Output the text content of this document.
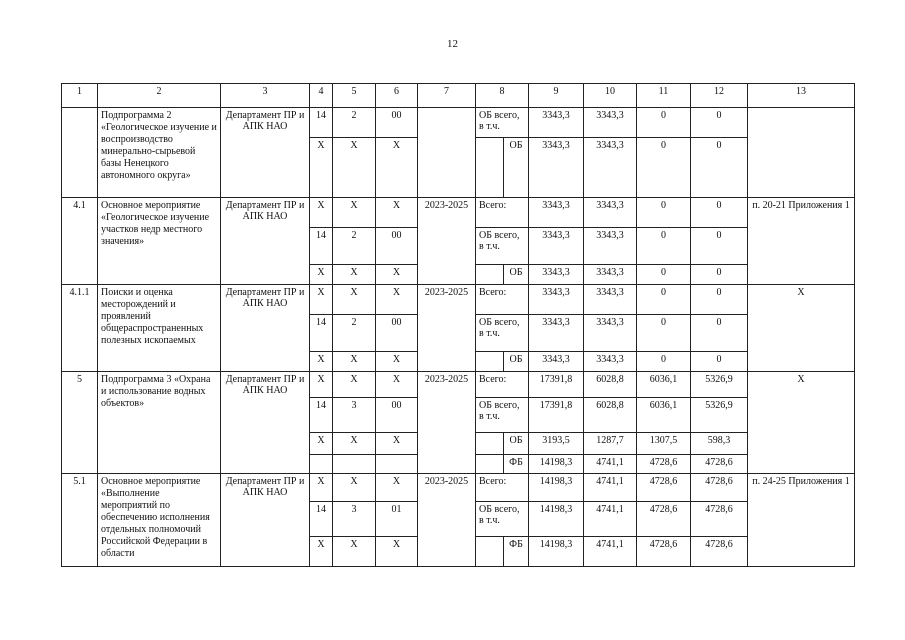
12
1	2	3	4	5	6	7	8		9	10	11	12	13
	Подпрограмма 2 «Геологическое изучение и воспроизводство минерально-сырьевой базы Ненецкого автономного округа»	Департамент ПР и АПК НАО	14	2	00		ОБ всего, в т.ч.		3343,3	3343,3	0	0	
			Х	Х	Х			ОБ	3343,3	3343,3	0	0	
4.1	Основное мероприятие «Геологическое изучение участков недр местного значения»	Департамент ПР и АПК НАО	Х	Х	Х	2023-2025	Всего:		3343,3	3343,3	0	0	п. 20-21 Приложения 1
			14	2	00		ОБ всего, в т.ч.		3343,3	3343,3	0	0	
			Х	Х	Х			ОБ	3343,3	3343,3	0	0	
4.1.1	Поиски и оценка месторождений и проявлений общераспространенных полезных ископаемых	Департамент ПР и АПК НАО	Х	Х	Х	2023-2025	Всего:		3343,3	3343,3	0	0	Х
			14	2	00		ОБ всего, в т.ч.		3343,3	3343,3	0	0	
			Х	Х	Х			ОБ	3343,3	3343,3	0	0	
5	Подпрограмма 3 «Охрана и использование водных объектов»	Департамент ПР и АПК НАО	Х	Х	Х	2023-2025	Всего:		17391,8	6028,8	6036,1	5326,9	Х
			14	3	00		ОБ всего, в т.ч.		17391,8	6028,8	6036,1	5326,9	
			Х	Х	Х			ОБ	3193,5	1287,7	1307,5	598,3	
								ФБ	14198,3	4741,1	4728,6	4728,6	
5.1	Основное мероприятие «Выполнение мероприятий по обеспечению исполнения отдельных полномочий Российской Федерации в области	Департамент ПР и АПК НАО	Х	Х	Х	2023-2025	Всего:		14198,3	4741,1	4728,6	4728,6	п. 24-25 Приложения 1
			14	3	01		ОБ всего, в т.ч.		14198,3	4741,1	4728,6	4728,6	
			Х	Х	Х			ФБ	14198,3	4741,1	4728,6	4728,6	
